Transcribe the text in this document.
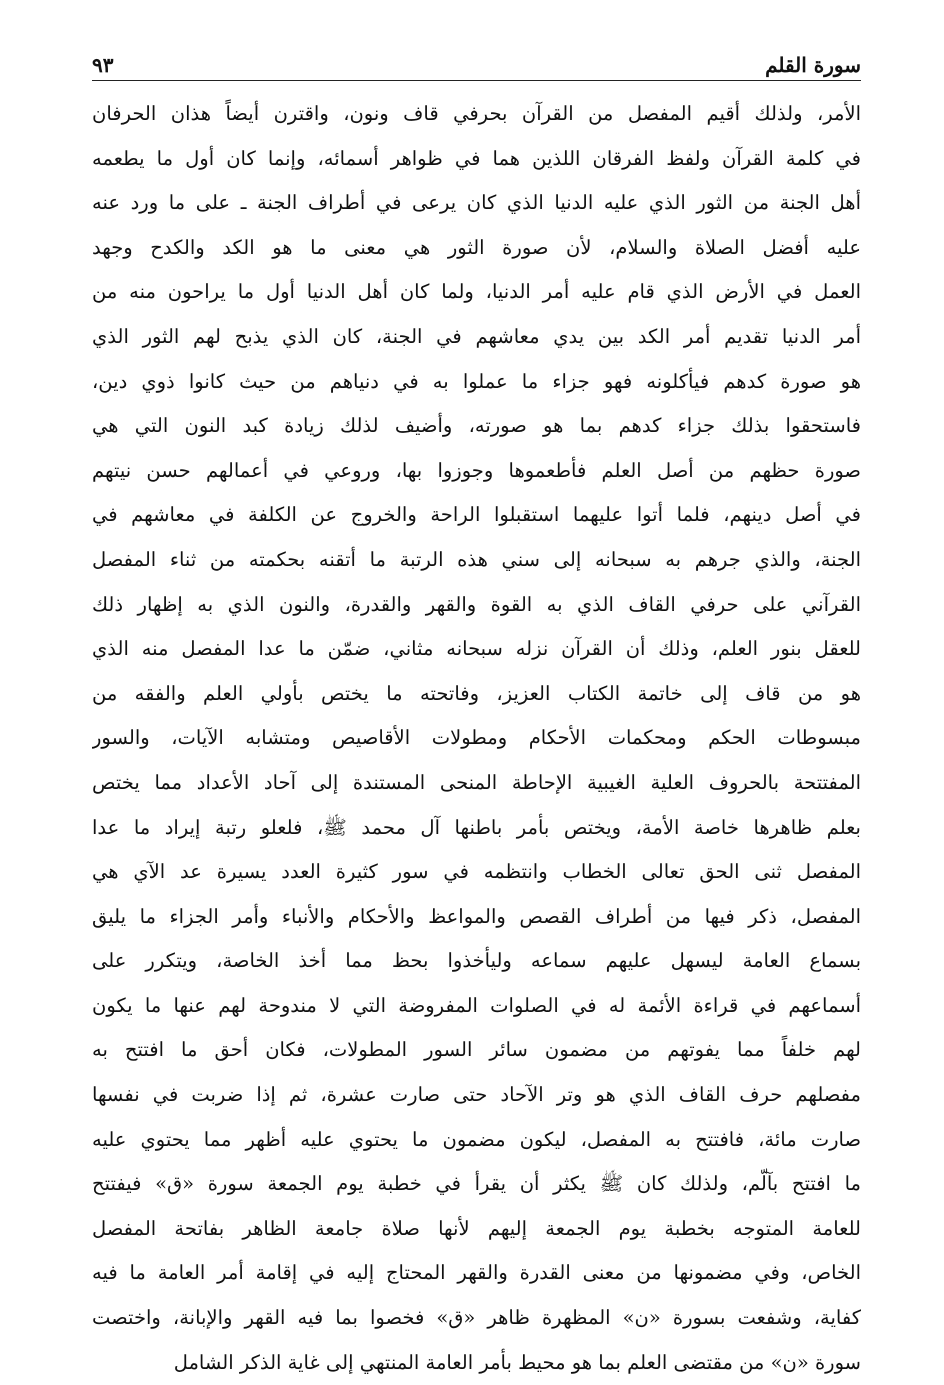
سورة القلم
٩٣
الأمر، ولذلك أقيم المفصل من القرآن بحرفي قاف ونون، واقترن أيضاً هذان الحرفان
في كلمة القرآن ولفظ الفرقان اللذين هما في ظواهر أسمائه، وإنما كان أول ما يطعمه
أهل الجنة من الثور الذي عليه الدنيا الذي كان يرعى في أطراف الجنة ـ على ما ورد عنه
عليه أفضل الصلاة والسلام، لأن صورة الثور هي معنى ما هو الكد والكدح وجهد
العمل في الأرض الذي قام عليه أمر الدنيا، ولما كان أهل الدنيا أول ما يراحون منه من
أمر الدنيا تقديم أمر الكد بين يدي معاشهم في الجنة، كان الذي يذبح لهم الثور الذي
هو صورة كدهم فيأكلونه فهو جزاء ما عملوا به في دنياهم من حيث كانوا ذوي دين،
فاستحقوا بذلك جزاء كدهم بما هو صورته، وأضيف لذلك زيادة كبد النون التي هي
صورة حظهم من أصل العلم فأطعموها وجوزوا بها، وروعي في أعمالهم حسن نيتهم
في أصل دينهم، فلما أتوا عليهما استقبلوا الراحة والخروج عن الكلفة في معاشهم في
الجنة، والذي جرهم به سبحانه إلى سني هذه الرتبة ما أتقنه بحكمته من ثناء المفصل
القرآني على حرفي القاف الذي به القوة والقهر والقدرة، والنون الذي به إظهار ذلك
للعقل بنور العلم، وذلك أن القرآن نزله سبحانه مثاني، ضمّن ما عدا المفصل منه الذي
هو من قاف إلى خاتمة الكتاب العزيز، وفاتحته ما يختص بأولي العلم والفقه من
مبسوطات الحكم ومحكمات الأحكام ومطولات الأقاصيص ومتشابه الآيات، والسور
المفتتحة بالحروف العلية الغيبية الإحاطة المنحى المستندة إلى آحاد الأعداد مما يختص
بعلم ظاهرها خاصة الأمة، ويختص بأمر باطنها آل محمد ﷺ، فلعلو رتبة إيراد ما عدا
المفصل ثنى الحق تعالى الخطاب وانتظمه في سور كثيرة العدد يسيرة عد الآي هي
المفصل، ذكر فيها من أطراف القصص والمواعظ والأحكام والأنباء وأمر الجزاء ما يليق
بسماع العامة ليسهل عليهم سماعه وليأخذوا بحظ مما أخذ الخاصة، ويتكرر على
أسماعهم في قراءة الأئمة له في الصلوات المفروضة التي لا مندوحة لهم عنها ما يكون
لهم خلفاً مما يفوتهم من مضمون سائر السور المطولات، فكان أحق ما افتتح به
مفصلهم حرف القاف الذي هو وتر الآحاد حتى صارت عشرة، ثم إذا ضربت في نفسها
صارت مائة، فافتتح به المفصل، ليكون مضمون ما يحتوي عليه أظهر مما يحتوي عليه
ما افتتح بآلّم، ولذلك كان ﷺ يكثر أن يقرأ في خطبة يوم الجمعة سورة «ق» فيفتتح
للعامة المتوجه بخطبة يوم الجمعة إليهم لأنها صلاة جامعة الظاهر بفاتحة المفصل
الخاص، وفي مضمونها من معنى القدرة والقهر المحتاج إليه في إقامة أمر العامة ما فيه
كفاية، وشفعت بسورة «ن» المظهرة ظاهر «ق» فخصوا بما فيه القهر والإبانة، واختصت
سورة «ن» من مقتضى العلم بما هو محيط بأمر العامة المنتهي إلى غاية الذكر الشامل
